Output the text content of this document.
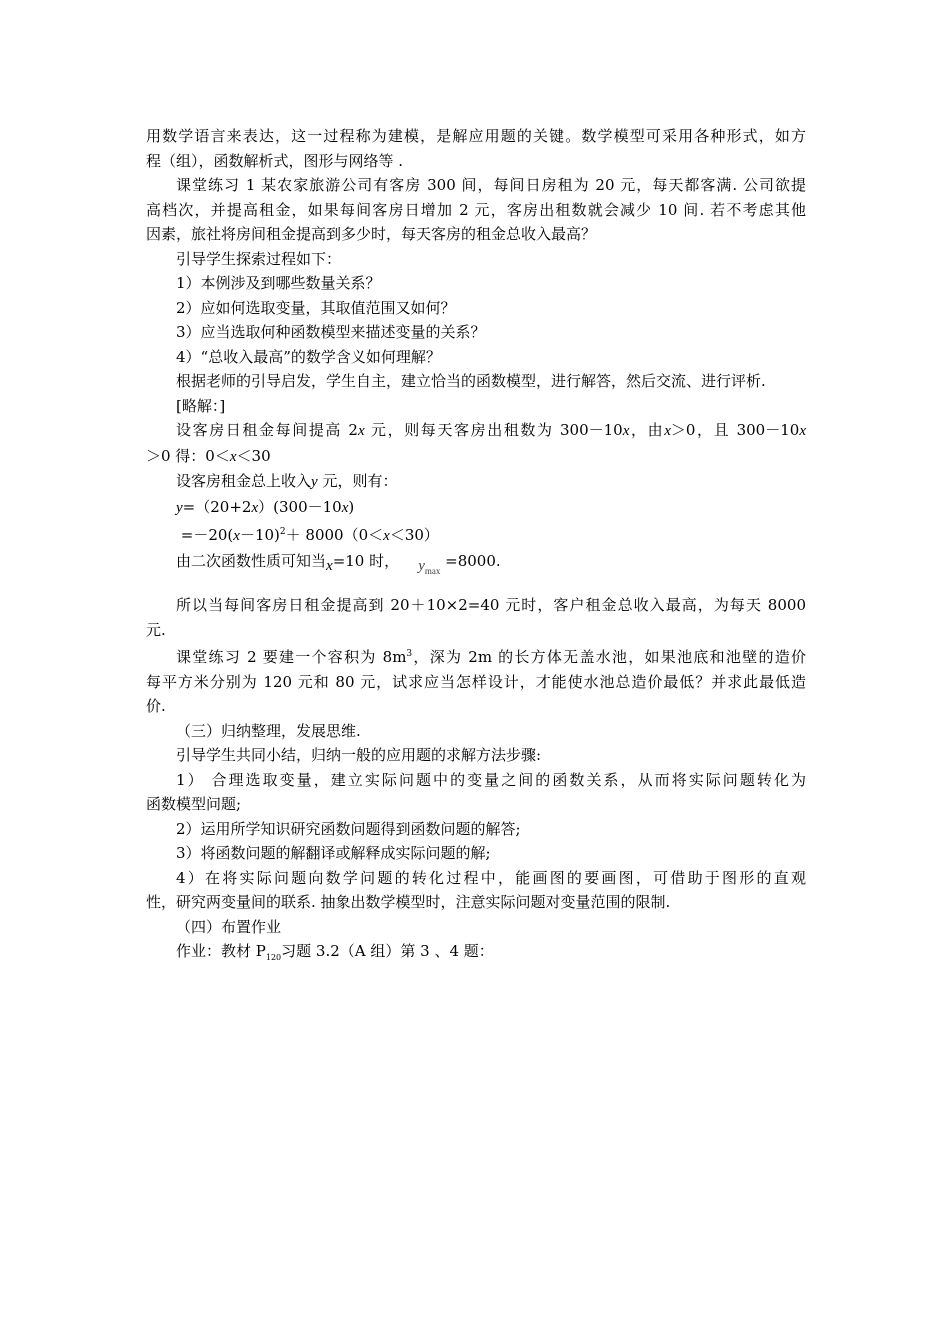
用数学语言来表达，这一过程称为建模，是解应用题的关键。数学模型可采用各种形式，如方
程（组），函数解析式，图形与网络等 .
课堂练习 1 某农家旅游公司有客房 300 间，每间日房租为 20 元，每天都客满. 公司欲提
高档次，并提高租金，如果每间客房日增加 2 元，客房出租数就会减少 10 间. 若不考虑其他
因素，旅社将房间租金提高到多少时，每天客房的租金总收入最高？
引导学生探索过程如下：
1）本例涉及到哪些数量关系？
2）应如何选取变量，其取值范围又如何？
3）应当选取何种函数模型来描述变量的关系？
4）“总收入最高”的数学含义如何理解？
根据老师的引导启发，学生自主，建立恰当的函数模型，进行解答，然后交流、进行评析.
[略解：]
设客房日租金每间提高 2x 元，则每天客房出租数为 300－10x，由x＞0，且 300－10x
＞0 得：0＜x＜30
设客房租金总上收入y 元，则有：
y=（20+2x）(300－10x)
$=-20(x-10)^2+ 8000(0<x<30)$
由二次函数性质可知当x=10 时， $y_{max} =8000$.
所以当每间客房日租金提高到 20＋10×2=40 元时，客户租金总收入最高，为每天 8000
元.
课堂练习 2 要建一个容积为 $8m^3$，深为 2m 的长方体无盖水池，如果池底和池壁的造价
每平方米分别为 120 元和 80 元，试求应当怎样设计，才能使水池总造价最低？并求此最低造
价.
（三）归纳整理，发展思维.
引导学生共同小结，归纳一般的应用题的求解方法步骤:
1） 合理选取变量，建立实际问题中的变量之间的函数关系，从而将实际问题转化为
函数模型问题;
2）运用所学知识研究函数问题得到函数问题的解答;
3）将函数问题的解翻译或解释成实际问题的解;
4）在将实际问题向数学问题的转化过程中，能画图的要画图，可借助于图形的直观
性，研究两变量间的联系. 抽象出数学模型时，注意实际问题对变量范围的限制.
（四）布置作业
作业：教材 $P_{120}$习题 3.2（A 组）第 3 、4 题：
